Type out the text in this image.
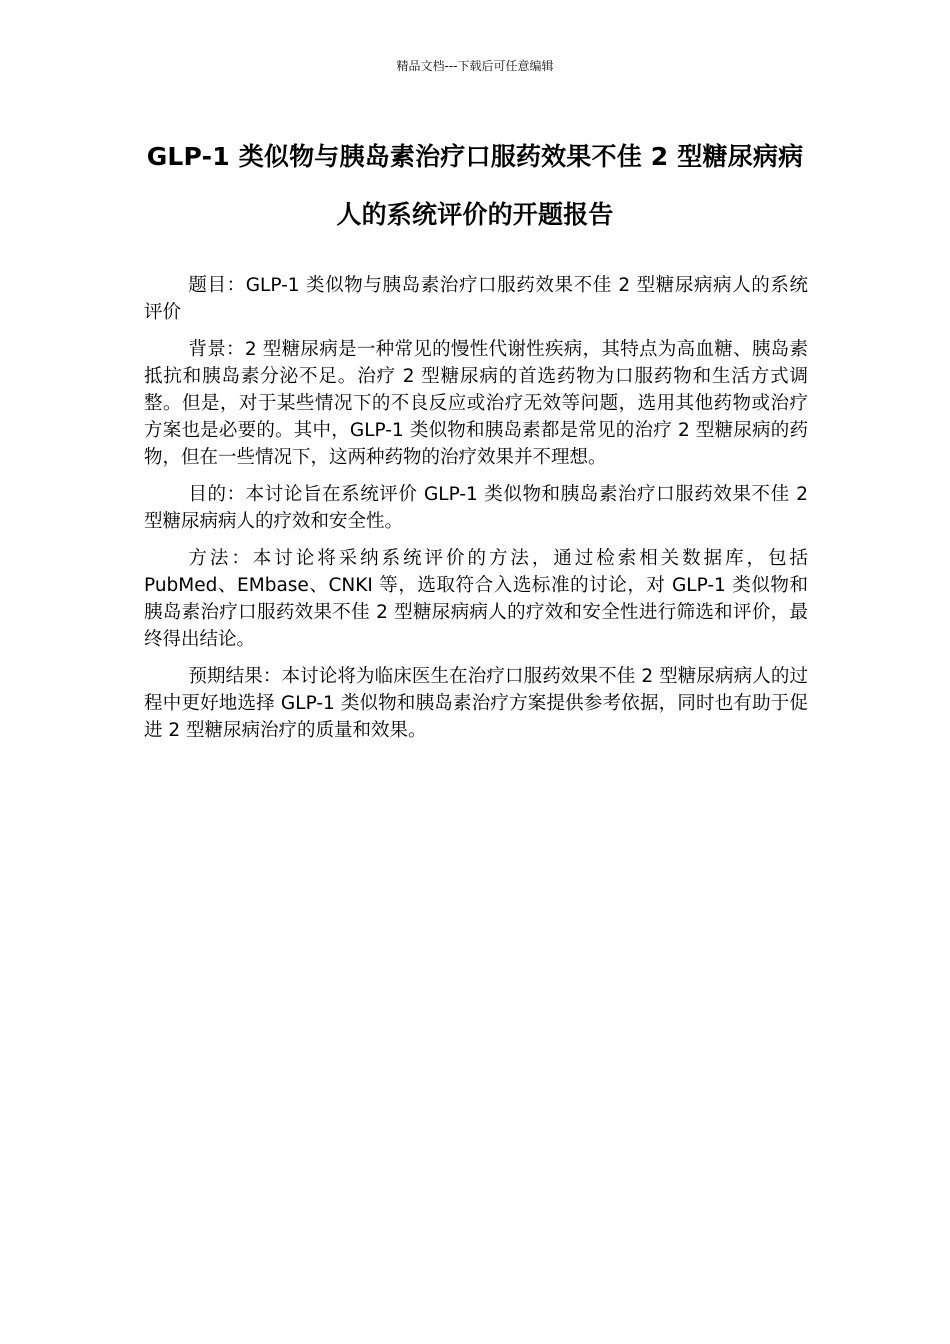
精品文档---下载后可任意编辑
GLP-1 类似物与胰岛素治疗口服药效果不佳 2 型糖尿病病人的系统评价的开题报告

题目：GLP-1 类似物与胰岛素治疗口服药效果不佳 2 型糖尿病病人的系统评价

背景：2 型糖尿病是一种常见的慢性代谢性疾病，其特点为高血糖、胰岛素抵抗和胰岛素分泌不足。治疗 2 型糖尿病的首选药物为口服药物和生活方式调整。但是，对于某些情况下的不良反应或治疗无效等问题，选用其他药物或治疗方案也是必要的。其中，GLP-1 类似物和胰岛素都是常见的治疗 2 型糖尿病的药物，但在一些情况下，这两种药物的治疗效果并不理想。

目的：本讨论旨在系统评价 GLP-1 类似物和胰岛素治疗口服药效果不佳 2 型糖尿病病人的疗效和安全性。

方法：本讨论将采纳系统评价的方法，通过检索相关数据库，包括 PubMed、EMbase、CNKI 等，选取符合入选标准的讨论，对 GLP-1 类似物和胰岛素治疗口服药效果不佳 2 型糖尿病病人的疗效和安全性进行筛选和评价，最终得出结论。

预期结果：本讨论将为临床医生在治疗口服药效果不佳 2 型糖尿病病人的过程中更好地选择 GLP-1 类似物和胰岛素治疗方案提供参考依据，同时也有助于促进 2 型糖尿病治疗的质量和效果。
